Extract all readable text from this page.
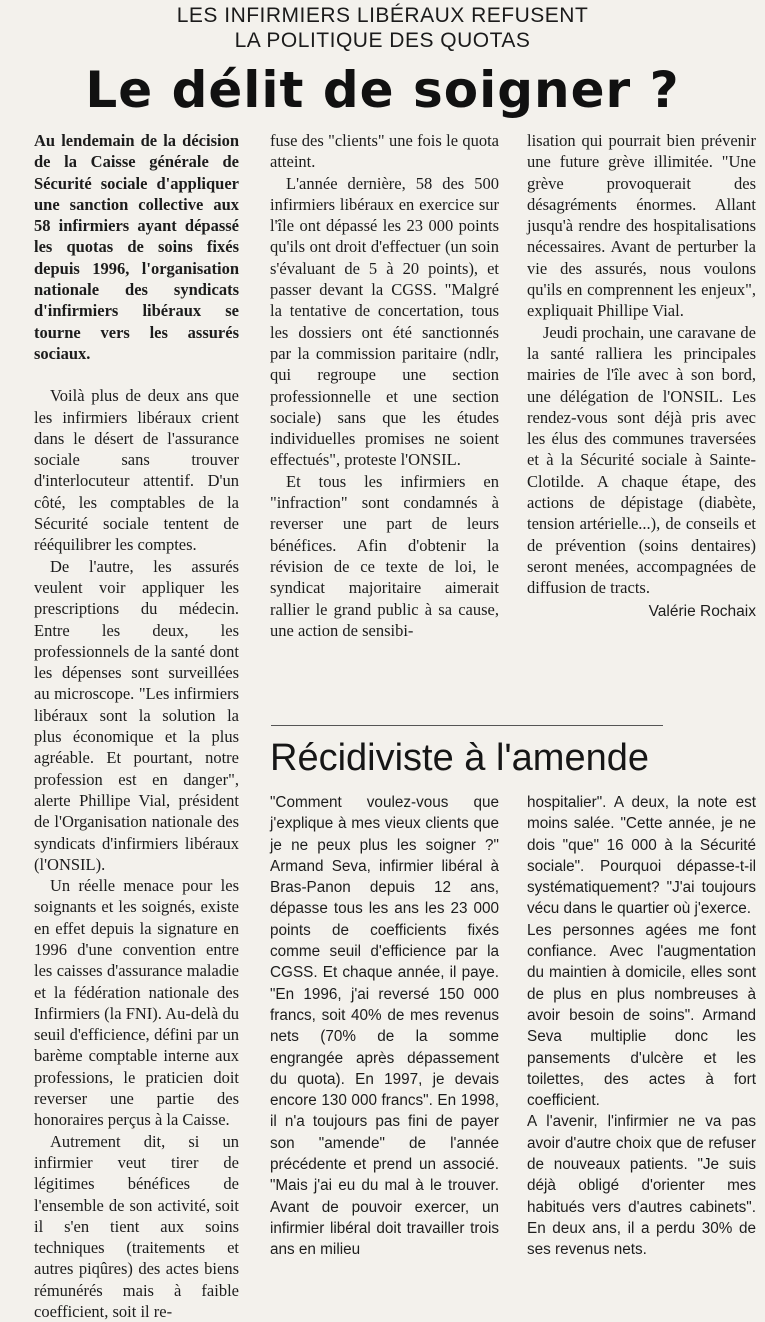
LES INFIRMIERS LIBÉRAUX REFUSENT
LA POLITIQUE DES QUOTAS
Le délit de soigner ?

Au lendemain de la décision de la Caisse générale de Sécurité sociale d'appliquer une sanction collective aux 58 infirmiers ayant dépassé les quotas de soins fixés depuis 1996, l'organisation nationale des syndicats d'infirmiers libéraux se tourne vers les assurés sociaux.

Voilà plus de deux ans que les infirmiers libéraux crient dans le désert de l'assurance sociale sans trouver d'interlocuteur attentif. D'un côté, les comptables de la Sécurité sociale tentent de rééquilibrer les comptes.

De l'autre, les assurés veulent voir appliquer les prescriptions du médecin. Entre les deux, les professionnels de la santé dont les dépenses sont surveillées au microscope. "Les infirmiers libéraux sont la solution la plus économique et la plus agréable. Et pourtant, notre profession est en danger", alerte Phillipe Vial, président de l'Organisation nationale des syndicats d'infirmiers libéraux (l'ONSIL).

Un réelle menace pour les soignants et les soignés, existe en effet depuis la signature en 1996 d'une convention entre les caisses d'assurance maladie et la fédération nationale des Infirmiers (la FNI). Au-delà du seuil d'efficience, défini par un barème comptable interne aux professions, le praticien doit reverser une partie des honoraires perçus à la Caisse.

Autrement dit, si un infirmier veut tirer de légitimes bénéfices de l'ensemble de son activité, soit il s'en tient aux soins techniques (traitements et autres piqûres) des actes biens rémunérés mais à faible coefficient, soit il re-

fuse des "clients" une fois le quota atteint.

L'année dernière, 58 des 500 infirmiers libéraux en exercice sur l'île ont dépassé les 23 000 points qu'ils ont droit d'effectuer (un soin s'évaluant de 5 à 20 points), et passer devant la CGSS. "Malgré la tentative de concertation, tous les dossiers ont été sanctionnés par la commission paritaire (ndlr, qui regroupe une section professionnelle et une section sociale) sans que les études individuelles promises ne soient effectués", proteste l'ONSIL.

Et tous les infirmiers en "infraction" sont condamnés à reverser une part de leurs bénéfices. Afin d'obtenir la révision de ce texte de loi, le syndicat majoritaire aimerait rallier le grand public à sa cause, une action de sensibi-

lisation qui pourrait bien prévenir une future grève illimitée. "Une grève provoquerait des désagréments énormes. Allant jusqu'à rendre des hospitalisations nécessaires. Avant de perturber la vie des assurés, nous voulons qu'ils en comprennent les enjeux", expliquait Phillipe Vial.

Jeudi prochain, une caravane de la santé ralliera les principales mairies de l'île avec à son bord, une délégation de l'ONSIL. Les rendez-vous sont déjà pris avec les élus des communes traversées et à la Sécurité sociale à Sainte-Clotilde. A chaque étape, des actions de dépistage (diabète, tension artérielle...), de conseils et de prévention (soins dentaires) seront menées, accompagnées de diffusion de tracts.

Valérie Rochaix

Récidiviste à l'amende

"Comment voulez-vous que j'explique à mes vieux clients que je ne peux plus les soigner ?" Armand Seva, infirmier libéral à Bras-Panon depuis 12 ans, dépasse tous les ans les 23 000 points de coefficients fixés comme seuil d'efficience par la CGSS. Et chaque année, il paye. "En 1996, j'ai reversé 150 000 francs, soit 40% de mes revenus nets (70% de la somme engrangée après dépassement du quota). En 1997, je devais encore 130 000 francs". En 1998, il n'a toujours pas fini de payer son "amende" de l'année précédente et prend un associé. "Mais j'ai eu du mal à le trouver. Avant de pouvoir exercer, un infirmier libéral doit travailler trois ans en milieu

hospitalier". A deux, la note est moins salée. "Cette année, je ne dois "que" 16 000 à la Sécurité sociale". Pourquoi dépasse-t-il systématiquement? "J'ai toujours vécu dans le quartier où j'exerce.

Les personnes agées me font confiance. Avec l'augmentation du maintien à domicile, elles sont de plus en plus nombreuses à avoir besoin de soins". Armand Seva multiplie donc les pansements d'ulcère et les toilettes, des actes à fort coefficient.

A l'avenir, l'infirmier ne va pas avoir d'autre choix que de refuser de nouveaux patients. "Je suis déjà obligé d'orienter mes habitués vers d'autres cabinets". En deux ans, il a perdu 30% de ses revenus nets.
